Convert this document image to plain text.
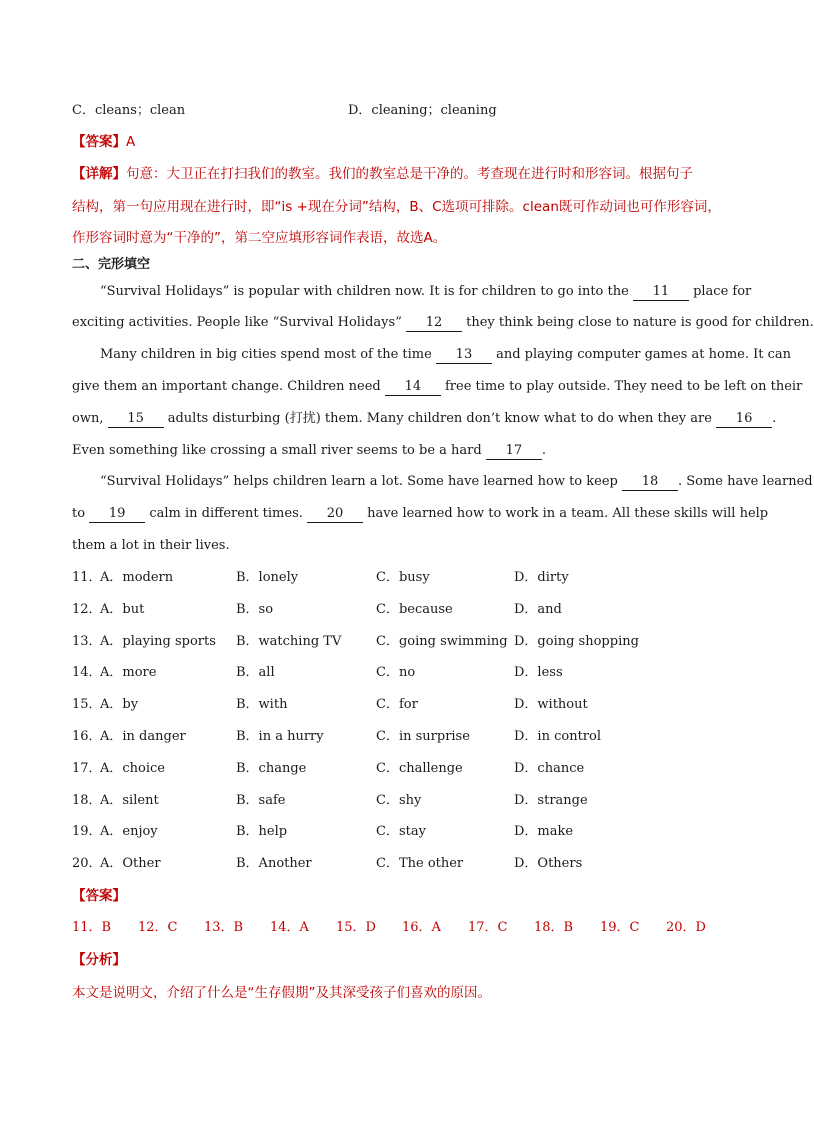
C．cleans；clean	D．cleaning；cleaning
【答案】A
【详解】句意：大卫正在打扫我们的教室。我们的教室总是干净的。考查现在进行时和形容词。根据句子
结构，第一句应用现在进行时，即“is +现在分词”结构，B、C选项可排除。clean既可作动词也可作形容词，
作形容词时意为“干净的”，第二空应填形容词作表语，故选A。
二、完形填空
“Survival Holidays” is popular with children now. It is for children to go into the 11 place for
exciting activities. People like “Survival Holidays” 12 they think being close to nature is good for children.
Many children in big cities spend most of the time 13 and playing computer games at home. It can
give them an important change. Children need 14 free time to play outside. They need to be left on their
own, 15 adults disturbing (打扰) them. Many children don’t know what to do when they are 16 .
Even something like crossing a small river seems to be a hard 17 .
“Survival Holidays” helps children learn a lot. Some have learned how to keep 18 . Some have learned
to 19 calm in different times. 20 have learned how to work in a team. All these skills will help
them a lot in their lives.
11．
A．modern	B．lonely	C．busy	D．dirty
12．
A．but	B．so	C．because	D．and
13．
A．playing sports B．watching TV	C．going swimming D．going shopping
14．
A．more	B．all	C．no	D．less
15．
A．by	B．with	C．for	D．without
16．
A．in danger	B．in a hurry	C．in surprise	D．in control
17．
A．choice	B．change	C．challenge	D．chance
18．
A．silent	B．safe	C．shy	D．strange
19．
A．enjoy	B．help	C．stay	D．make
20．
A．Other	B．Another	C．The other	D．Others
【答案】
11．B 12．C 13．B 14．A 15．D 16．A 17．C 18．B 19．C 20．D
【分析】
本文是说明文，介绍了什么是“生存假期”及其深受孩子们喜欢的原因。
